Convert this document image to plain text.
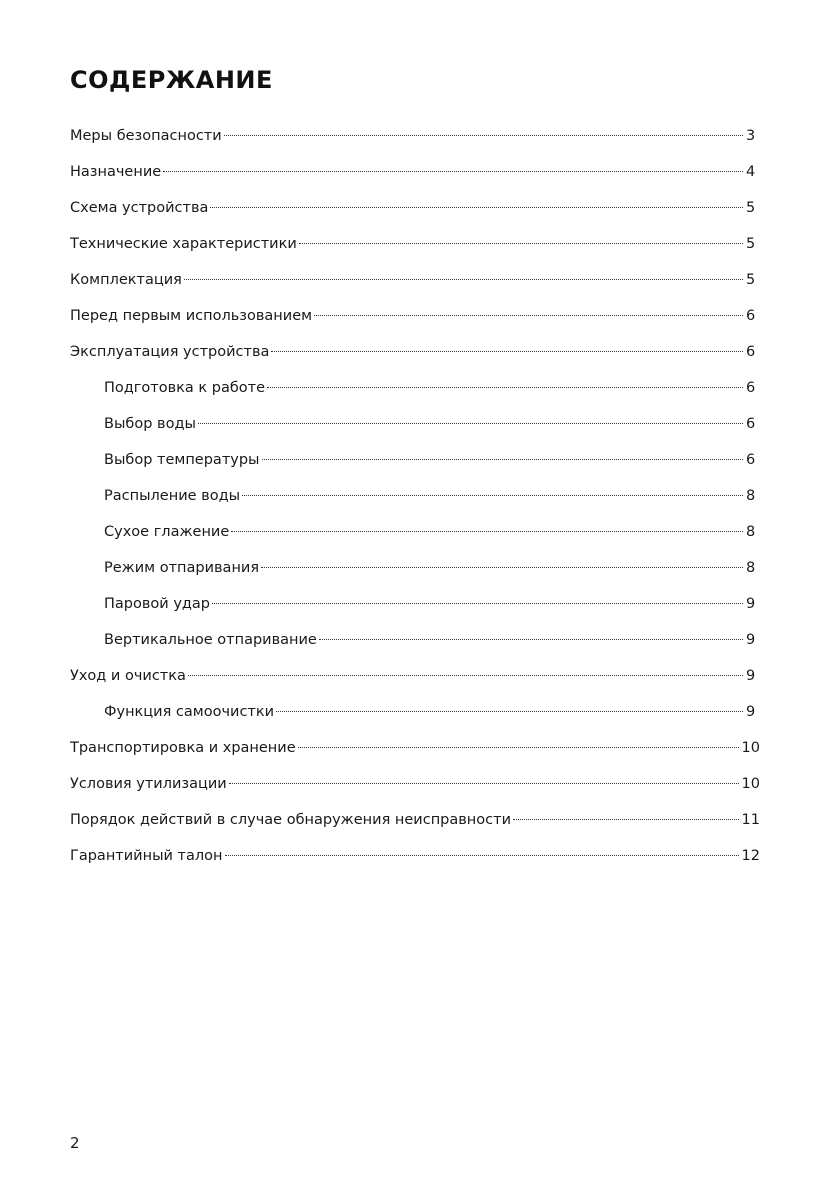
СОДЕРЖАНИЕ
Меры безопасности	3
Назначение	4
Схема устройства	5
Технические характеристики	5
Комплектация	5
Перед первым использованием	6
Эксплуатация устройства	6
Подготовка к работе	6
Выбор воды	6
Выбор температуры	6
Распыление воды	8
Сухое глажение	8
Режим отпаривания	8
Паровой удар	9
Вертикальное отпаривание	9
Уход и очистка	9
Функция самоочистки	9
Транспортировка и хранение	10
Условия утилизации	10
Порядок действий в случае обнаружения неисправности	11
Гарантийный талон	12
2
